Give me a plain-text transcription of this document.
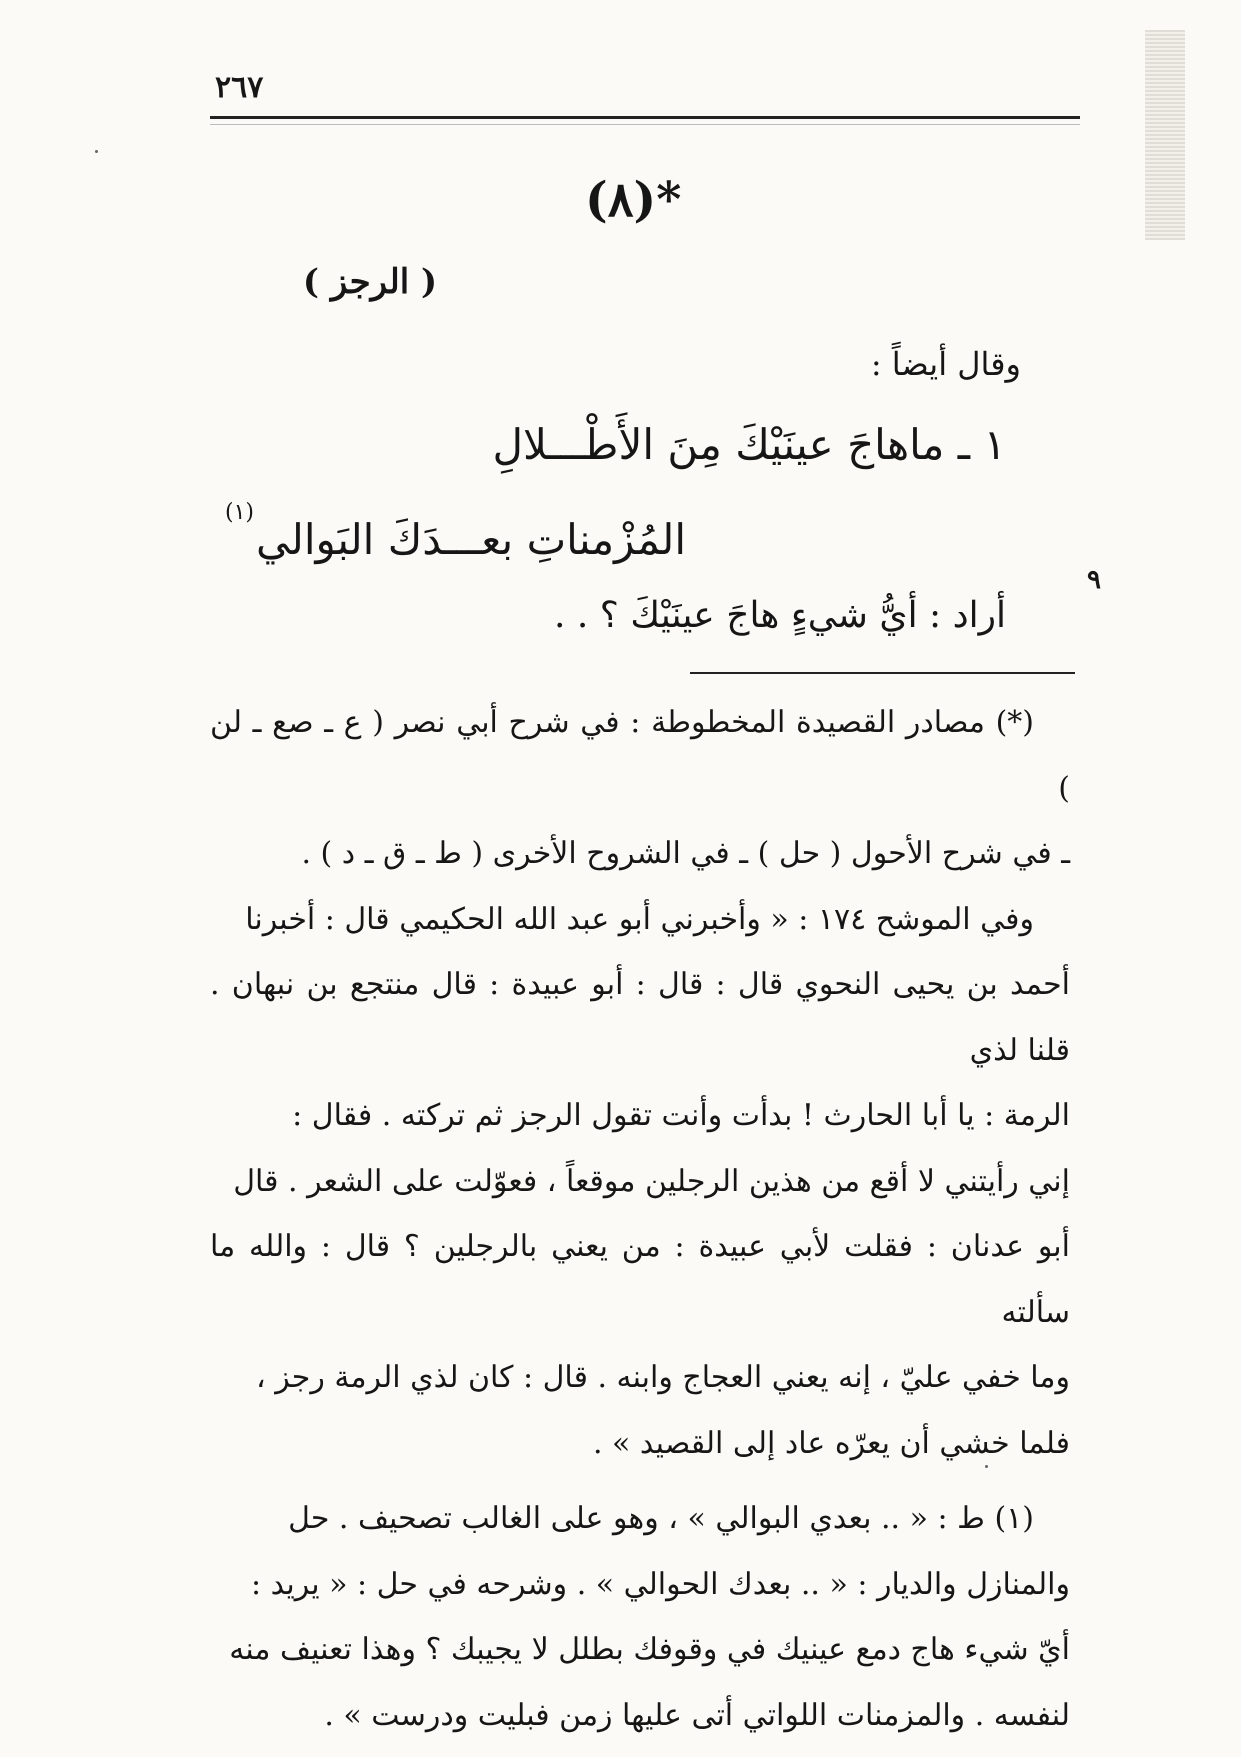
٢٦٧
(٨)*
( الرجز )
وقال أيضاً :
١ ـ ماهاجَ عينَيْكَ مِنَ الأَطْـــلالِ
(١)
المُزْمناتِ بعـــدَكَ البَوالي
٩
أراد : أيُّ شيءٍ هاجَ عينَيْكَ ؟ . .

(*) مصادر القصيدة المخطوطة : في شرح أبي نصر ( ع ـ صع ـ لن )

ـ في شرح الأحول ( حل ) ـ في الشروح الأخرى ( ط ـ ق ـ د ) .

وفي الموشح ١٧٤ : « وأخبرني أبو عبد الله الحكيمي قال : أخبرنا

أحمد بن يحيى النحوي قال : قال : أبو عبيدة : قال منتجع بن نبهان . قلنا لذي

الرمة : يا أبا الحارث ! بدأت وأنت تقول الرجز ثم تركته . فقال :

إني رأيتني لا أقع من هذين الرجلين موقعاً ، فعوّلت على الشعر . قال

أبو عدنان : فقلت لأبي عبيدة : من يعني بالرجلين ؟ قال : والله ما سألته

وما خفي عليّ ، إنه يعني العجاج وابنه . قال : كان لذي الرمة رجز ،

فلما خشي أن يعرّه عاد إلى القصيد » .

(١) ط : « .. بعدي البوالي » ، وهو على الغالب تصحيف . حل

والمنازل والديار : « .. بعدك الحوالي » . وشرحه في حل : « يريد :

أيّ شيء هاج دمع عينيك في وقوفك بطلل لا يجيبك ؟ وهذا تعنيف منه

لنفسه . والمزمنات اللواتي أتى عليها زمن فبليت ودرست » .
